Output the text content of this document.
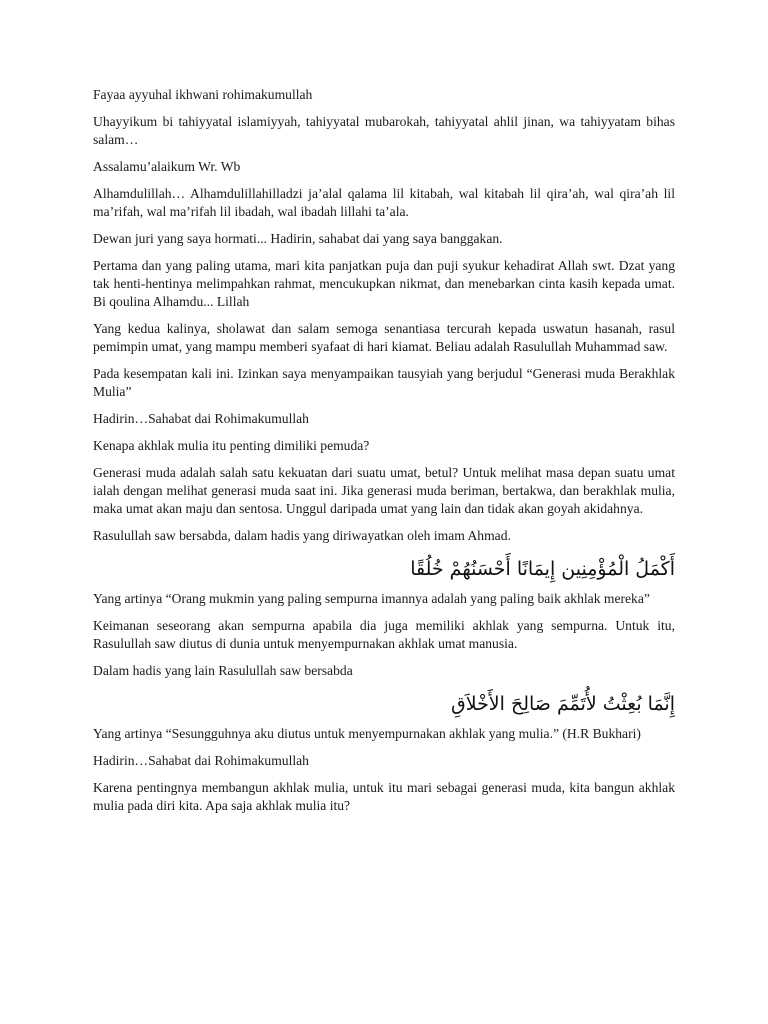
Fayaa ayyuhal ikhwani rohimakumullah

Uhayyikum bi tahiyyatal islamiyyah, tahiyyatal mubarokah, tahiyyatal ahlil jinan, wa tahiyyatam bihas salam…

Assalamu’alaikum Wr. Wb

Alhamdulillah… Alhamdulillahilladzi ja’alal qalama lil kitabah, wal kitabah lil qira’ah, wal qira’ah lil ma’rifah, wal ma’rifah lil ibadah, wal ibadah lillahi ta’ala.

Dewan juri yang saya hormati... Hadirin, sahabat dai yang saya banggakan.

Pertama dan yang paling utama, mari kita panjatkan puja dan puji syukur kehadirat Allah swt. Dzat yang tak henti-hentinya melimpahkan rahmat, mencukupkan nikmat, dan menebarkan cinta kasih kepada umat. Bi qoulina Alhamdu... Lillah

Yang kedua kalinya, sholawat dan salam semoga senantiasa tercurah kepada uswatun hasanah, rasul pemimpin umat, yang mampu memberi syafaat di hari kiamat. Beliau adalah Rasulullah Muhammad saw.

Pada kesempatan kali ini. Izinkan saya menyampaikan tausyiah yang berjudul “Generasi muda Berakhlak Mulia”

Hadirin…Sahabat dai Rohimakumullah

Kenapa akhlak mulia itu penting dimiliki pemuda?

Generasi muda adalah salah satu kekuatan dari suatu umat, betul? Untuk melihat masa depan suatu umat ialah dengan melihat generasi muda saat ini. Jika generasi muda beriman, bertakwa, dan berakhlak mulia, maka umat akan maju dan sentosa. Unggul daripada umat yang lain dan tidak akan goyah akidahnya.

Rasulullah saw bersabda, dalam hadis yang diriwayatkan oleh imam Ahmad.

أَكْمَلُ الْمُؤْمِنِين إِيمَانًا أَحْسَنُهُمْ خُلُقًا

Yang artinya “Orang mukmin yang paling sempurna imannya adalah yang paling baik akhlak mereka”

Keimanan seseorang akan sempurna apabila dia juga memiliki akhlak yang sempurna. Untuk itu, Rasulullah saw diutus di dunia untuk menyempurnakan akhlak umat manusia.

Dalam hadis yang lain Rasulullah saw bersabda

إِنَّمَا بُعِثْتُ لأُتَمِّمَ صَالِحَ الأَخْلاَقِ

Yang artinya “Sesungguhnya aku diutus untuk menyempurnakan akhlak yang mulia.” (H.R Bukhari)

Hadirin…Sahabat dai Rohimakumullah

Karena pentingnya membangun akhlak mulia, untuk itu mari sebagai generasi muda, kita bangun akhlak mulia pada diri kita. Apa saja akhlak mulia itu?
